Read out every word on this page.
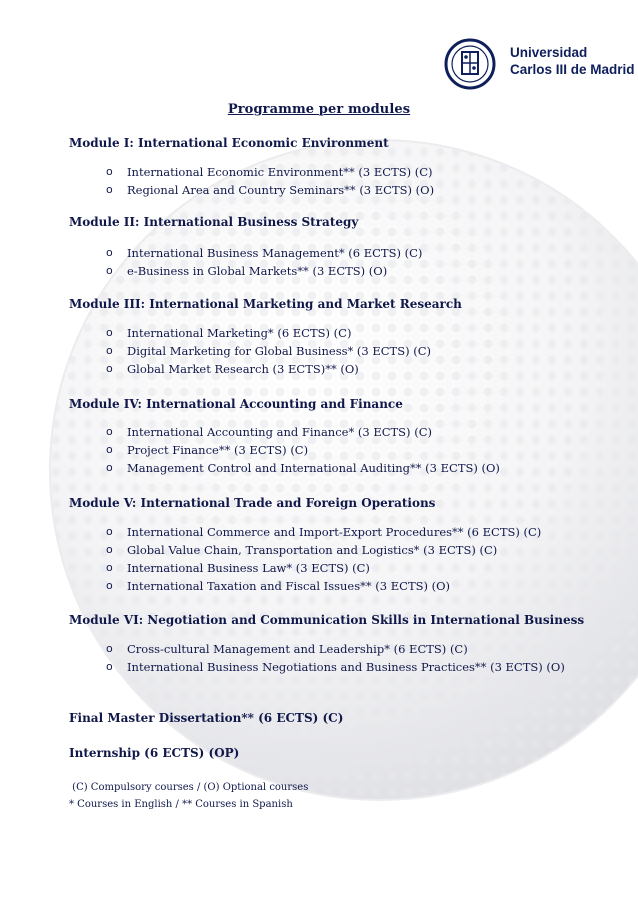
Universidad
Carlos III de Madrid
Programme per modules
Module I: International Economic Environment
o International Economic Environment** (3 ECTS) (C)
o Regional Area and Country Seminars** (3 ECTS) (O)
Module II: International Business Strategy
o International Business Management* (6 ECTS) (C)
o e-Business in Global Markets** (3 ECTS) (O)
Module III: International Marketing and Market Research
o International Marketing* (6 ECTS) (C)
o Digital Marketing for Global Business* (3 ECTS) (C)
o Global Market Research (3 ECTS)** (O)
Module IV: International Accounting and Finance
o International Accounting and Finance* (3 ECTS) (C)
o Project Finance** (3 ECTS) (C)
o Management Control and International Auditing** (3 ECTS) (O)
Module V: International Trade and Foreign Operations
o International Commerce and Import-Export Procedures** (6 ECTS) (C)
o Global Value Chain, Transportation and Logistics* (3 ECTS) (C)
o International Business Law* (3 ECTS) (C)
o International Taxation and Fiscal Issues** (3 ECTS) (O)
Module VI: Negotiation and Communication Skills in International Business
o Cross-cultural Management and Leadership* (6 ECTS) (C)
o International Business Negotiations and Business Practices** (3 ECTS) (O)
Final Master Dissertation** (6 ECTS) (C)
Internship (6 ECTS) (OP)
(C) Compulsory courses / (O) Optional courses
* Courses in English / ** Courses in Spanish
